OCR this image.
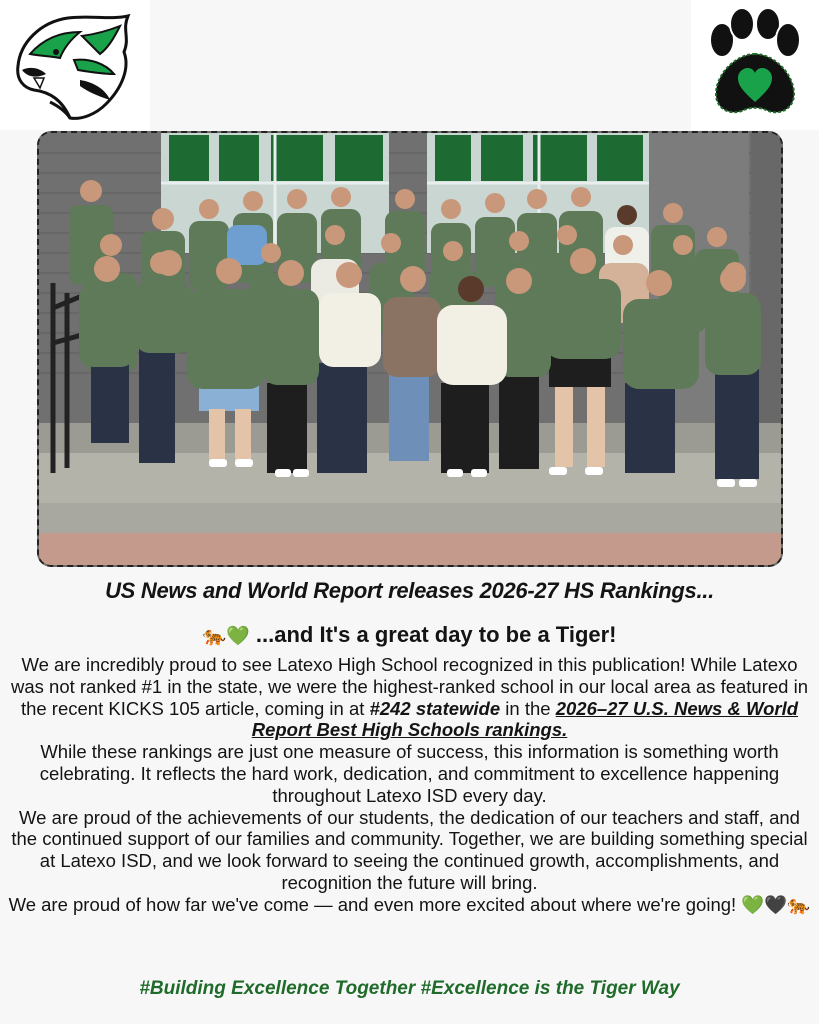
US News and World Report releases 2026-27 HS Rankings...
🐅💚 ...and It's a great day to be a Tiger!

We are incredibly proud to see Latexo High School recognized in this publication! While Latexo was not ranked #1 in the state, we were the highest-ranked school in our local area as featured in the recent KICKS 105 article, coming in at #242 statewide in the 2026–27 U.S. News & World Report Best High Schools rankings.

While these rankings are just one measure of success, this information is something worth celebrating. It reflects the hard work, dedication, and commitment to excellence happening throughout Latexo ISD every day.

We are proud of the achievements of our students, the dedication of our teachers and staff, and the continued support of our families and community. Together, we are building something special at Latexo ISD, and we look forward to seeing the continued growth, accomplishments, and recognition the future will bring.

We are proud of how far we've come — and even more excited about where we're going! 💚🖤🐅

#Building Excellence Together #Excellence is the Tiger Way
